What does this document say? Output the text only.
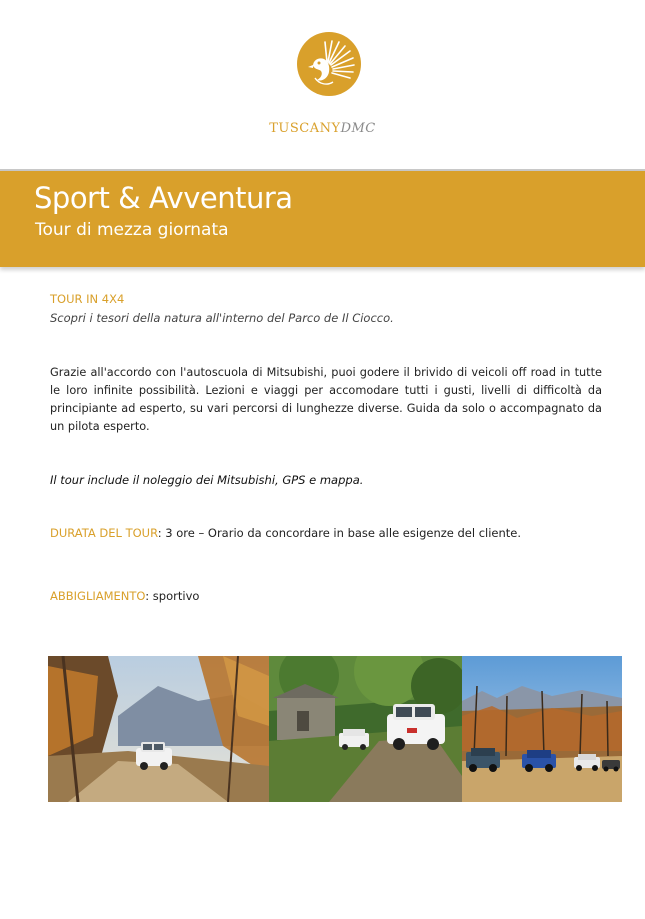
TUSCANYDMC
Sport & Avventura
Tour di mezza giornata
TOUR IN 4X4
Scopri i tesori della natura all'interno del Parco de Il Ciocco.
Grazie all'accordo con l'autoscuola di Mitsubishi, puoi godere il brivido di veicoli off road in tutte le loro infinite possibilità. Lezioni e viaggi per accomodare tutti i gusti, livelli di difficoltà da principiante ad esperto, su vari percorsi di lunghezze diverse. Guida da solo o accompagnato da un pilota esperto.
Il tour include il noleggio dei Mitsubishi, GPS e mappa.
DURATA DEL TOUR: 3 ore – Orario da concordare in base alle esigenze del cliente.
ABBIGLIAMENTO: sportivo
